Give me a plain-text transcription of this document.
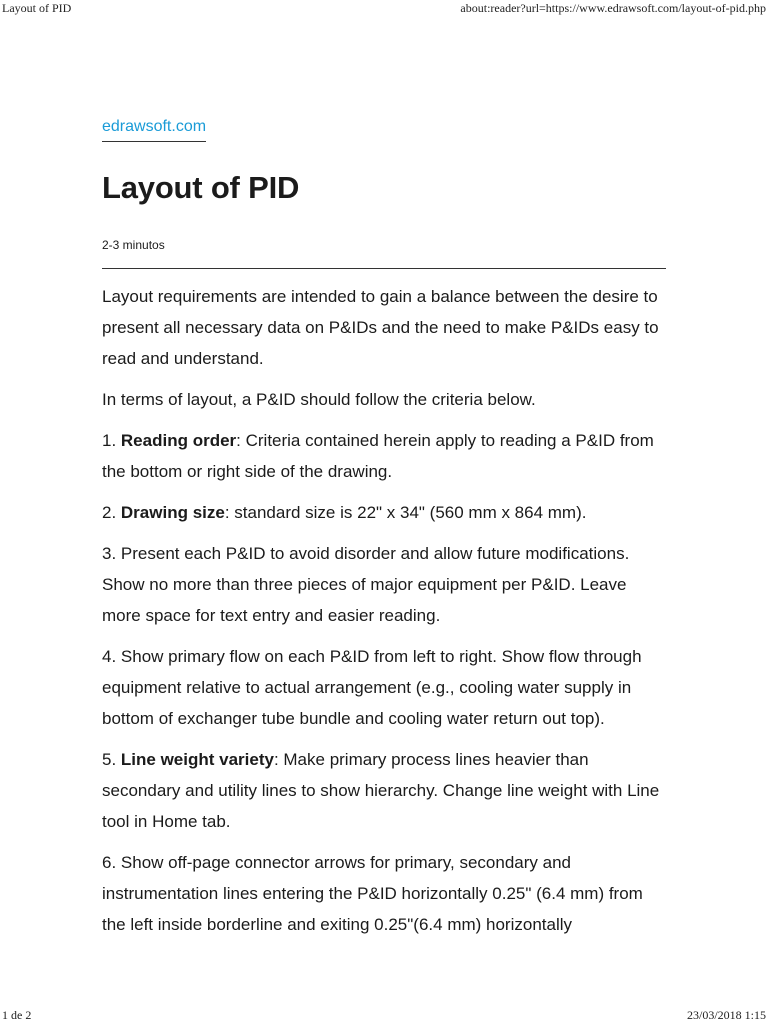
Layout of PID	about:reader?url=https://www.edrawsoft.com/layout-of-pid.php
edrawsoft.com
Layout of PID
2-3 minutos

Layout requirements are intended to gain a balance between the desire to present all necessary data on P&IDs and the need to make P&IDs easy to read and understand.

In terms of layout, a P&ID should follow the criteria below.

1. Reading order: Criteria contained herein apply to reading a P&ID from the bottom or right side of the drawing.

2. Drawing size: standard size is 22" x 34" (560 mm x 864 mm).

3. Present each P&ID to avoid disorder and allow future modifications. Show no more than three pieces of major equipment per P&ID. Leave more space for text entry and easier reading.

4. Show primary flow on each P&ID from left to right. Show flow through equipment relative to actual arrangement (e.g., cooling water supply in bottom of exchanger tube bundle and cooling water return out top).

5. Line weight variety: Make primary process lines heavier than secondary and utility lines to show hierarchy. Change line weight with Line tool in Home tab.

6. Show off-page connector arrows for primary, secondary and instrumentation lines entering the P&ID horizontally 0.25" (6.4 mm) from the left inside borderline and exiting 0.25"(6.4 mm) horizontally

1 de 2	23/03/2018 1:15
